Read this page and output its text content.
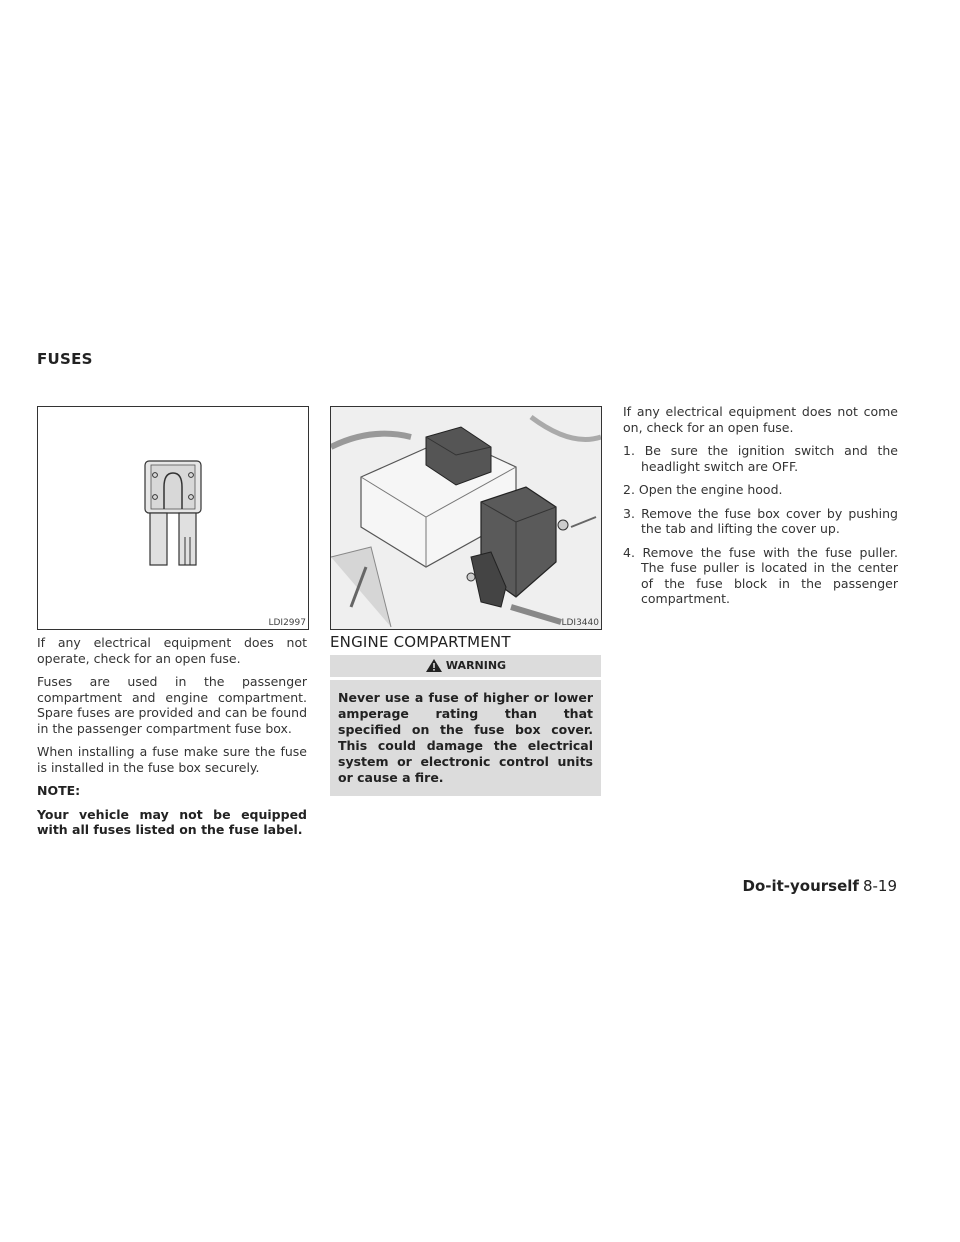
FUSES
LDI2997	LDI3440

If any electrical equipment does not operate, check for an open fuse.

Fuses are used in the passenger compartment and engine compartment. Spare fuses are provided and can be found in the passenger compartment fuse box.

When installing a fuse make sure the fuse is installed in the fuse box securely.

NOTE:

Your vehicle may not be equipped with all fuses listed on the fuse label.

ENGINE COMPARTMENT
WARNING
Never use a fuse of higher or lower amperage rating than that specified on the fuse box cover. This could damage the electrical system or electronic control units or cause a fire.

If any electrical equipment does not come on, check for an open fuse.

1. Be sure the ignition switch and the headlight switch are OFF.
2. Open the engine hood.
3. Remove the fuse box cover by pushing the tab and lifting the cover up.
4. Remove the fuse with the fuse puller. The fuse puller is located in the center of the fuse block in the passenger compartment.
Do-it-yourself 8-19
